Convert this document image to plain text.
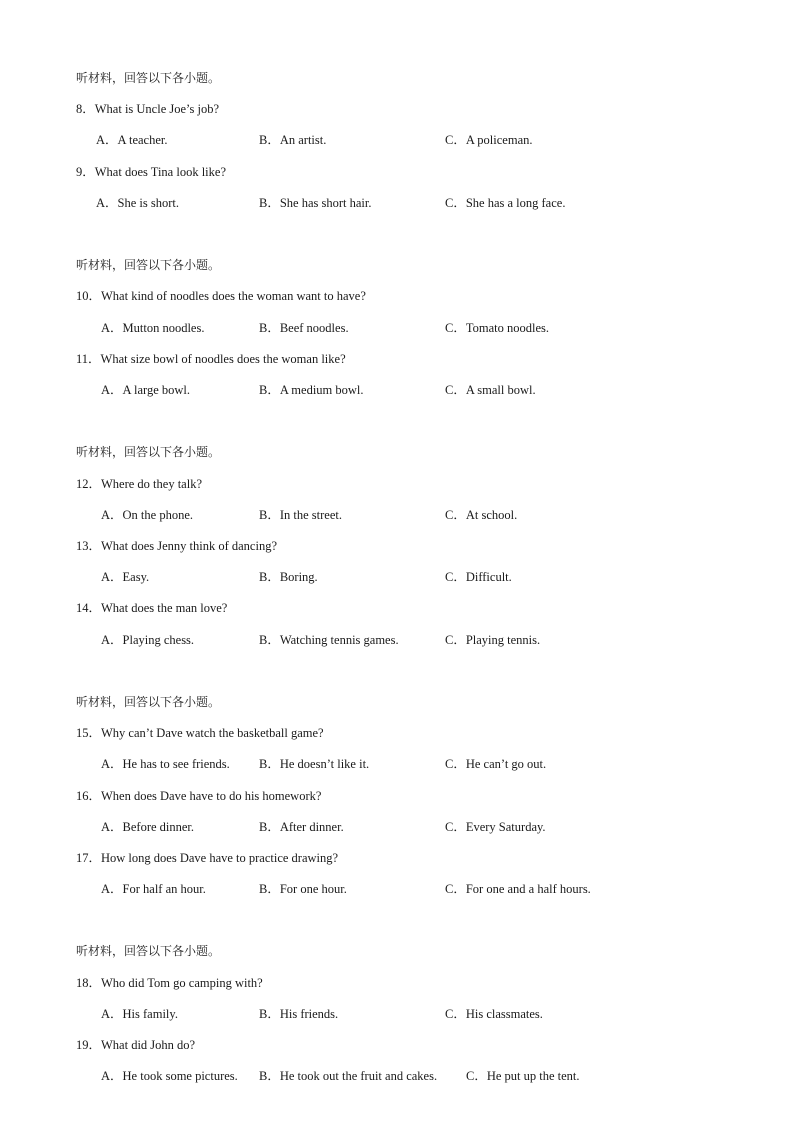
听材料，回答以下各小题。
8．What is Uncle Joe’s job?
A．A teacher.	B．An artist.	C．A policeman.
9．What does Tina look like?
A．She is short.	B．She has short hair.	C．She has a long face.
听材料，回答以下各小题。
10．What kind of noodles does the woman want to have?
A．Mutton noodles.	B．Beef noodles.	C．Tomato noodles.
11．What size bowl of noodles does the woman like?
A．A large bowl.	B．A medium bowl.	C．A small bowl.
听材料，回答以下各小题。
12．Where do they talk?
A．On the phone.	B．In the street.	C．At school.
13．What does Jenny think of dancing?
A．Easy.	B．Boring.	C．Difficult.
14．What does the man love?
A．Playing chess.	B．Watching tennis games.	C．Playing tennis.
听材料，回答以下各小题。
15．Why can’t Dave watch the basketball game?
A．He has to see friends. B．He doesn’t like it.	C．He can’t go out.
16．When does Dave have to do his homework?
A．Before dinner.	B．After dinner.	C．Every Saturday.
17．How long does Dave have to practice drawing?
A．For half an hour.	B．For one hour.	C．For one and a half hours.
听材料，回答以下各小题。
18．Who did Tom go camping with?
A．His family.	B．His friends.	C．His classmates.
19．What did John do?
A．He took some pictures. B．He took out the fruit and cakes. C．He put up the tent.
